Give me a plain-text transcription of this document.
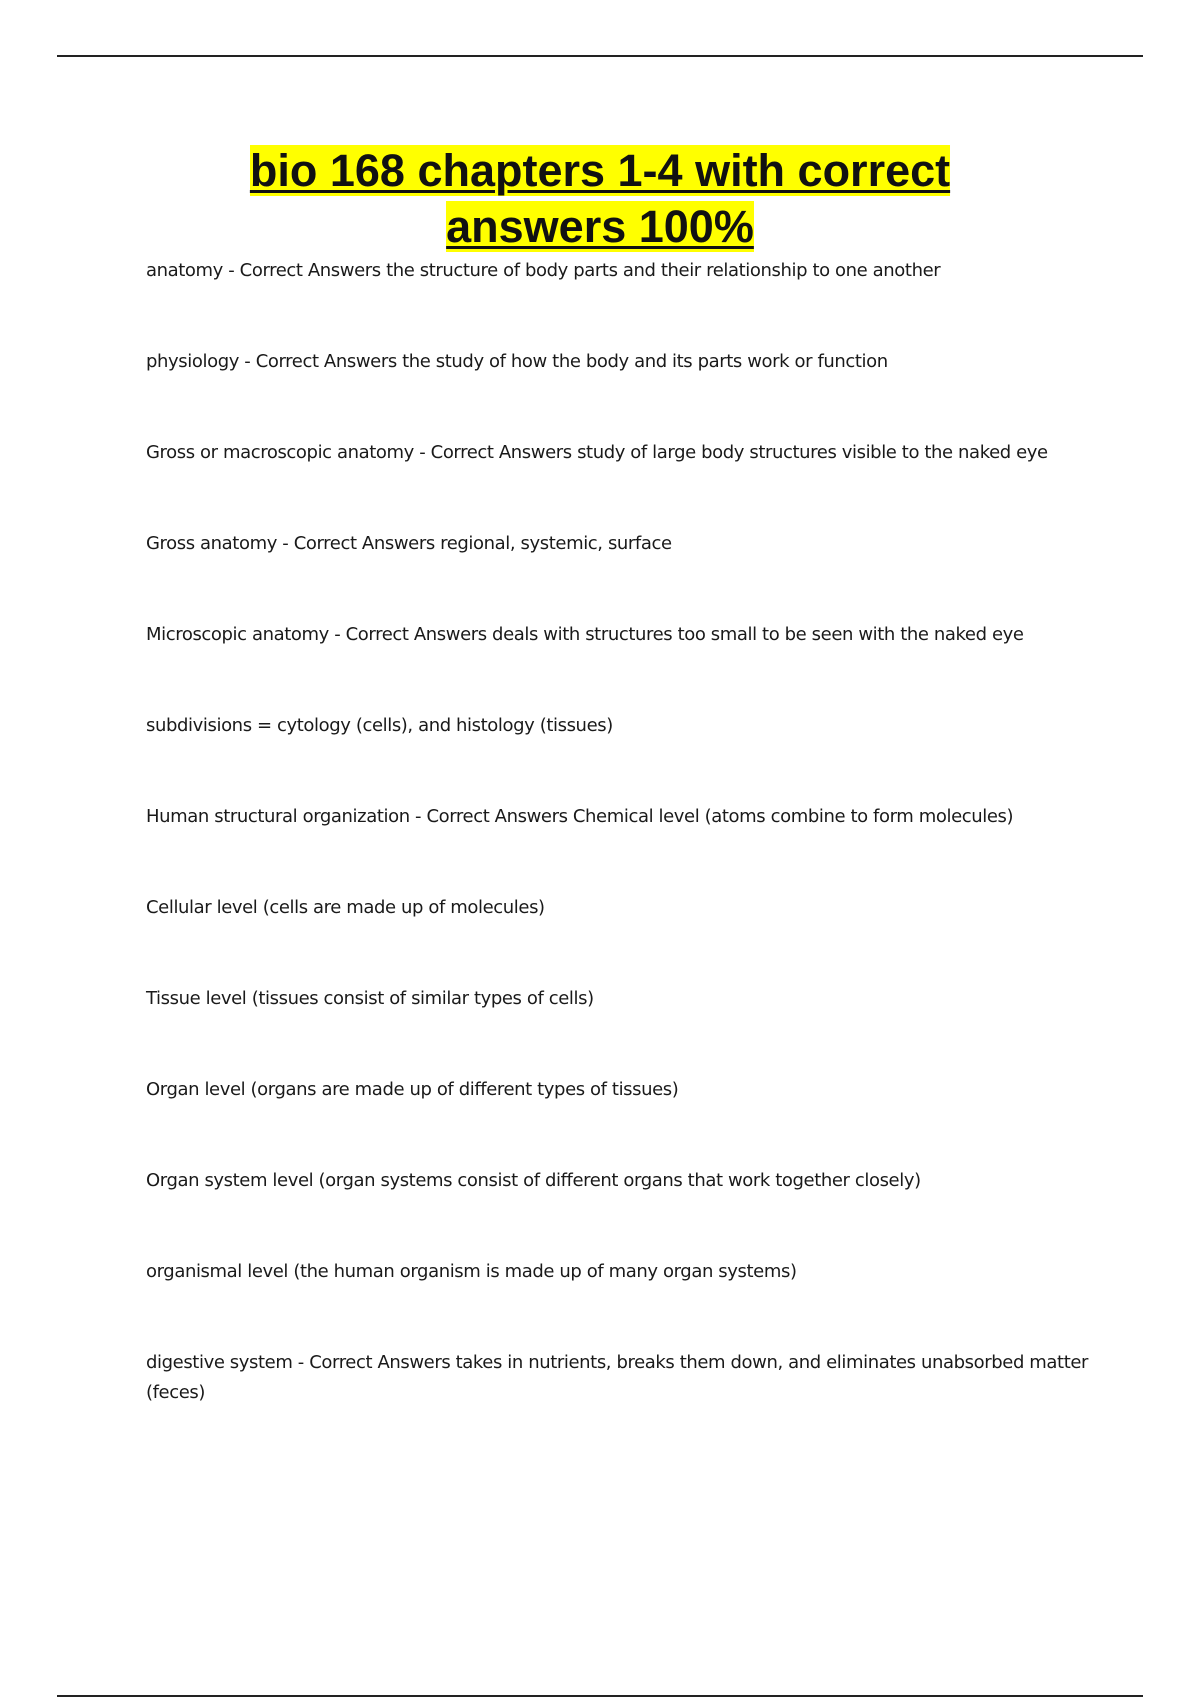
bio 168 chapters 1-4 with correct
answers 100%
anatomy - Correct Answers the structure of body parts and their relationship to one another
physiology - Correct Answers the study of how the body and its parts work or function
Gross or macroscopic anatomy - Correct Answers study of large body structures visible to the naked eye
Gross anatomy - Correct Answers regional, systemic, surface
Microscopic anatomy - Correct Answers deals with structures too small to be seen with the naked eye
subdivisions = cytology (cells), and histology (tissues)
Human structural organization - Correct Answers Chemical level (atoms combine to form molecules)
Cellular level (cells are made up of molecules)
Tissue level (tissues consist of similar types of cells)
Organ level (organs are made up of different types of tissues)
Organ system level (organ systems consist of different organs that work together closely)
organismal level (the human organism is made up of many organ systems)
digestive system - Correct Answers takes in nutrients, breaks them down, and eliminates unabsorbed matter (feces)
